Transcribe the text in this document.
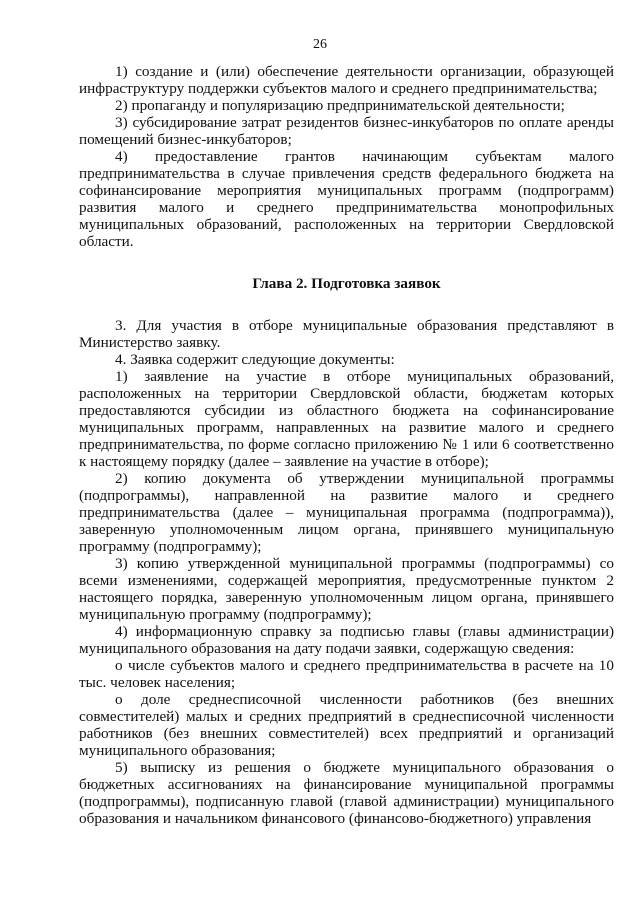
26

1) создание и (или) обеспечение деятельности организации, образующей инфраструктуру поддержки субъектов малого и среднего предпринимательства;

2) пропаганду и популяризацию предпринимательской деятельности;

3) субсидирование затрат резидентов бизнес-инкубаторов по оплате аренды помещений бизнес-инкубаторов;

4) предоставление грантов начинающим субъектам малого предпринимательства в случае привлечения средств федерального бюджета на софинансирование мероприятия муниципальных программ (подпрограмм) развития малого и среднего предпринимательства монопрофильных муниципальных образований, расположенных на территории Свердловской области.

Глава 2. Подготовка заявок

3. Для участия в отборе муниципальные образования представляют в Министерство заявку.

4. Заявка содержит следующие документы:

1) заявление на участие в отборе муниципальных образований, расположенных на территории Свердловской области, бюджетам которых предоставляются субсидии из областного бюджета на софинансирование муниципальных программ, направленных на развитие малого и среднего предпринимательства, по форме согласно приложению № 1 или 6 соответственно к настоящему порядку (далее – заявление на участие в отборе);

2) копию документа об утверждении муниципальной программы (подпрограммы), направленной на развитие малого и среднего предпринимательства (далее – муниципальная программа (подпрограмма)), заверенную уполномоченным лицом органа, принявшего муниципальную программу (подпрограмму);

3) копию утвержденной муниципальной программы (подпрограммы) со всеми изменениями, содержащей мероприятия, предусмотренные пунктом 2 настоящего порядка, заверенную уполномоченным лицом органа, принявшего муниципальную программу (подпрограмму);

4) информационную справку за подписью главы (главы администрации) муниципального образования на дату подачи заявки, содержащую сведения:

о числе субъектов малого и среднего предпринимательства в расчете на 10 тыс. человек населения;

о доле среднесписочной численности работников (без внешних совместителей) малых и средних предприятий в среднесписочной численности работников (без внешних совместителей) всех предприятий и организаций муниципального образования;

5) выписку из решения о бюджете муниципального образования о бюджетных ассигнованиях на финансирование муниципальной программы (подпрограммы), подписанную главой (главой администрации) муниципального образования и начальником финансового (финансово-бюджетного) управления
